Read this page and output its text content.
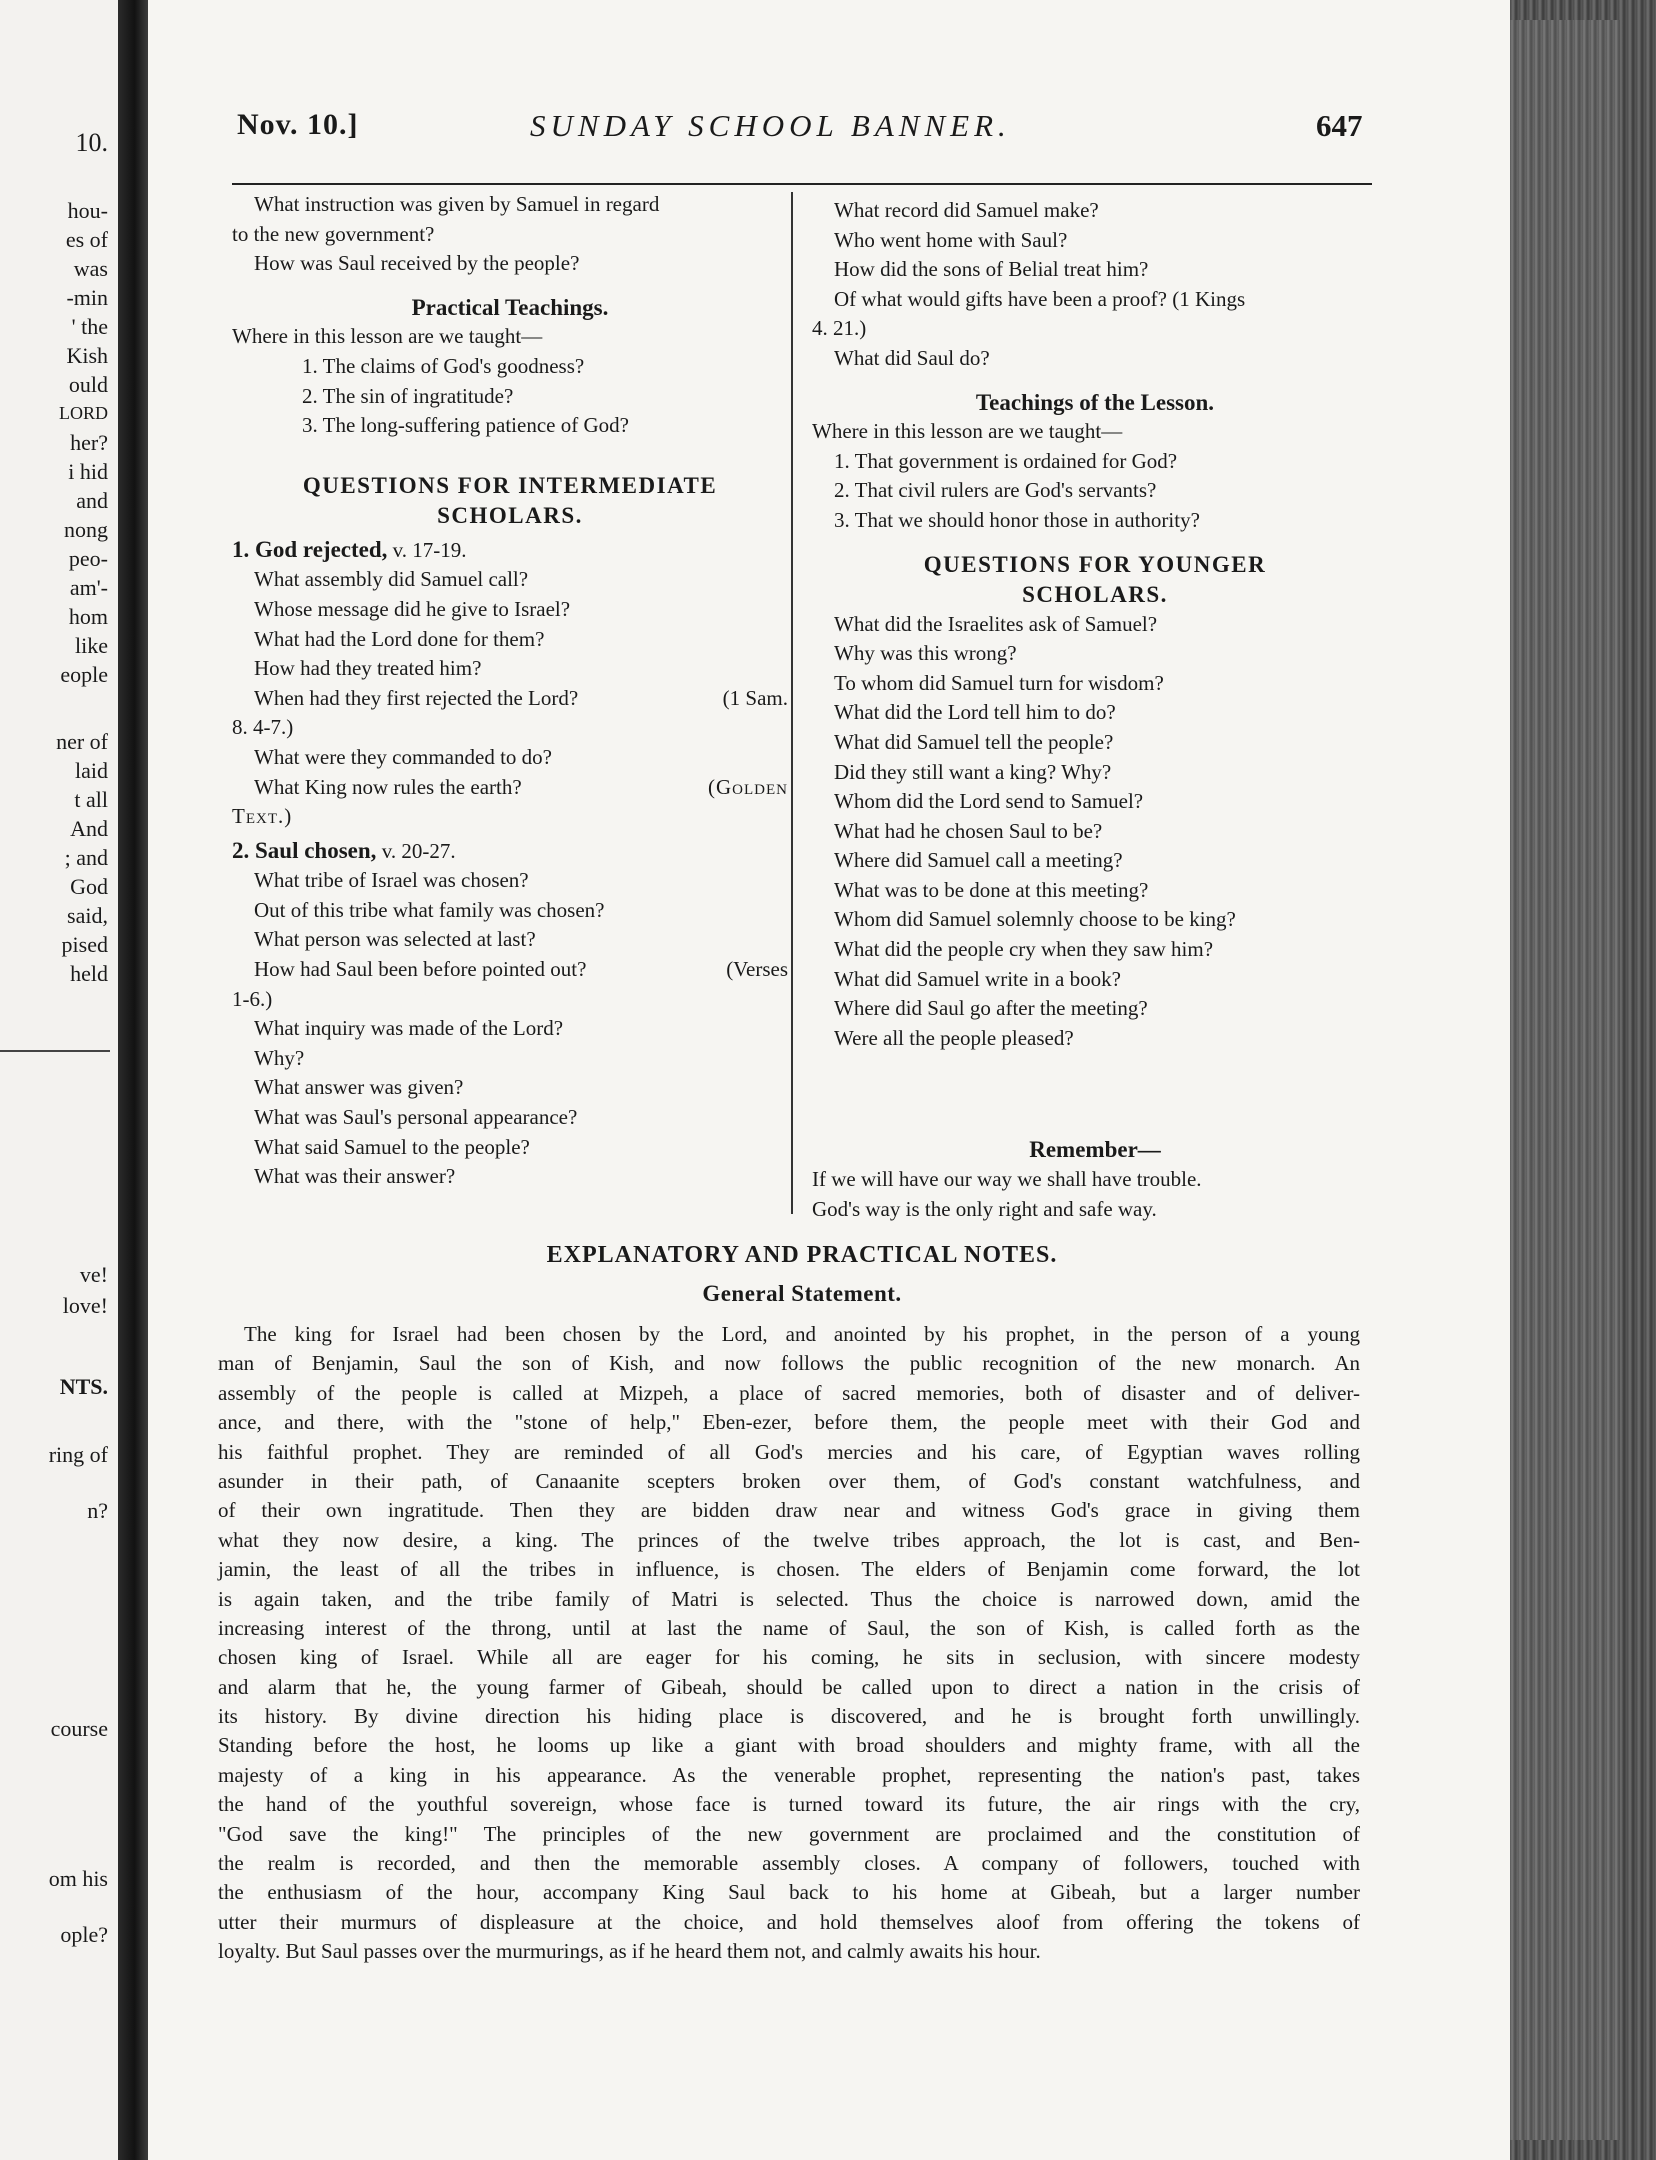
10.
hou-
es of
was
-min
' the
Kish
ould
LORD
her?
i hid
and
nong
peo-
am'-
hom
like
eople
ner of
laid
t all
And
; and
God
said,
pised
held
ve!
love!
NTS.
ring of
n?
course
om his
ople?
Nov. 10.]	SUNDAY SCHOOL BANNER.	647
What instruction was given by Samuel in regard
to the new government?
How was Saul received by the people?
Practical Teachings.
Where in this lesson are we taught—
1. The claims of God's goodness?
2. The sin of ingratitude?
3. The long-suffering patience of God?
QUESTIONS FOR INTERMEDIATE
SCHOLARS.
1. God rejected, v. 17-19.
What assembly did Samuel call?
Whose message did he give to Israel?
What had the Lord done for them?
How had they treated him?
When had they first rejected the Lord?	(1 Sam.
8. 4-7.)
What were they commanded to do?
What King now rules the earth?	(Golden
Text.)
2. Saul chosen, v. 20-27.
What tribe of Israel was chosen?
Out of this tribe what family was chosen?
What person was selected at last?
How had Saul been before pointed out?	(Verses
1-6.)
What inquiry was made of the Lord?
Why?
What answer was given?
What was Saul's personal appearance?
What said Samuel to the people?
What was their answer?
What record did Samuel make?
Who went home with Saul?
How did the sons of Belial treat him?
Of what would gifts have been a proof? (1 Kings
4. 21.)
What did Saul do?
Teachings of the Lesson.
Where in this lesson are we taught—
1. That government is ordained for God?
2. That civil rulers are God's servants?
3. That we should honor those in authority?
QUESTIONS FOR YOUNGER
SCHOLARS.
What did the Israelites ask of Samuel?
Why was this wrong?
To whom did Samuel turn for wisdom?
What did the Lord tell him to do?
What did Samuel tell the people?
Did they still want a king? Why?
Whom did the Lord send to Samuel?
What had he chosen Saul to be?
Where did Samuel call a meeting?
What was to be done at this meeting?
Whom did Samuel solemnly choose to be king?
What did the people cry when they saw him?
What did Samuel write in a book?
Where did Saul go after the meeting?
Were all the people pleased?
Remember—
If we will have our way we shall have trouble.
God's way is the only right and safe way.
EXPLANATORY AND PRACTICAL NOTES.
General Statement.
The king for Israel had been chosen by the Lord, and anointed by his prophet, in the person of a young
man of Benjamin, Saul the son of Kish, and now follows the public recognition of the new monarch. An
assembly of the people is called at Mizpeh, a place of sacred memories, both of disaster and of deliver-
ance, and there, with the "stone of help," Eben-ezer, before them, the people meet with their God and
his faithful prophet. They are reminded of all God's mercies and his care, of Egyptian waves rolling
asunder in their path, of Canaanite scepters broken over them, of God's constant watchfulness, and
of their own ingratitude. Then they are bidden draw near and witness God's grace in giving them
what they now desire, a king. The princes of the twelve tribes approach, the lot is cast, and Ben-
jamin, the least of all the tribes in influence, is chosen. The elders of Benjamin come forward, the lot
is again taken, and the tribe family of Matri is selected. Thus the choice is narrowed down, amid the
increasing interest of the throng, until at last the name of Saul, the son of Kish, is called forth as the
chosen king of Israel. While all are eager for his coming, he sits in seclusion, with sincere modesty
and alarm that he, the young farmer of Gibeah, should be called upon to direct a nation in the crisis of
its history. By divine direction his hiding place is discovered, and he is brought forth unwillingly.
Standing before the host, he looms up like a giant with broad shoulders and mighty frame, with all the
majesty of a king in his appearance. As the venerable prophet, representing the nation's past, takes
the hand of the youthful sovereign, whose face is turned toward its future, the air rings with the cry,
"God save the king!" The principles of the new government are proclaimed and the constitution of
the realm is recorded, and then the memorable assembly closes. A company of followers, touched with
the enthusiasm of the hour, accompany King Saul back to his home at Gibeah, but a larger number
utter their murmurs of displeasure at the choice, and hold themselves aloof from offering the tokens of
loyalty. But Saul passes over the murmurings, as if he heard them not, and calmly awaits his hour.
